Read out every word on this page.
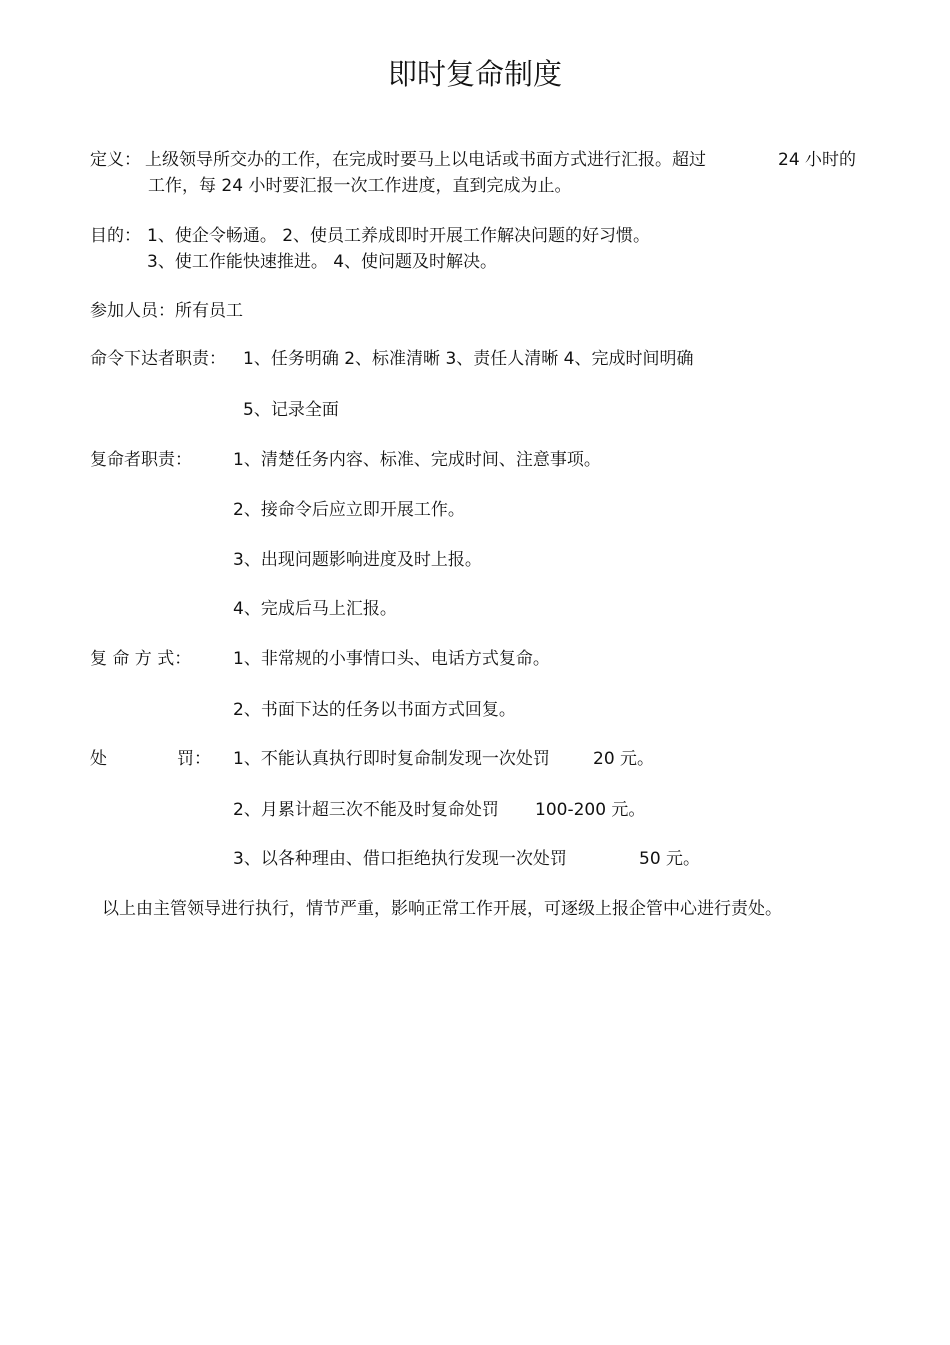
即时复命制度
定义： 上级领导所交办的工作，在完成时要马上以电话或书面方式进行汇报。超过	24 小时的
工作，每 24 小时要汇报一次工作进度，直到完成为止。
目的： 1、使企令畅通。 2、使员工养成即时开展工作解决问题的好习惯。
3、使工作能快速推进。 4、使问题及时解决。
参加人员：所有员工
命令下达者职责： 1、任务明确 2、标准清晰 3、责任人清晰 4、完成时间明确
5、记录全面
复命者职责： 1、清楚任务内容、标准、完成时间、注意事项。
2、接命令后应立即开展工作。
3、出现问题影响进度及时上报。
4、完成后马上汇报。
复 命 方 式： 1、非常规的小事情口头、电话方式复命。
2、书面下达的任务以书面方式回复。
处	罚： 1、不能认真执行即时复命制发现一次处罚	20 元。
2、月累计超三次不能及时复命处罚 100-200 元。
3、以各种理由、借口拒绝执行发现一次处罚	50 元。
以上由主管领导进行执行，情节严重，影响正常工作开展，可逐级上报企管中心进行责处。
